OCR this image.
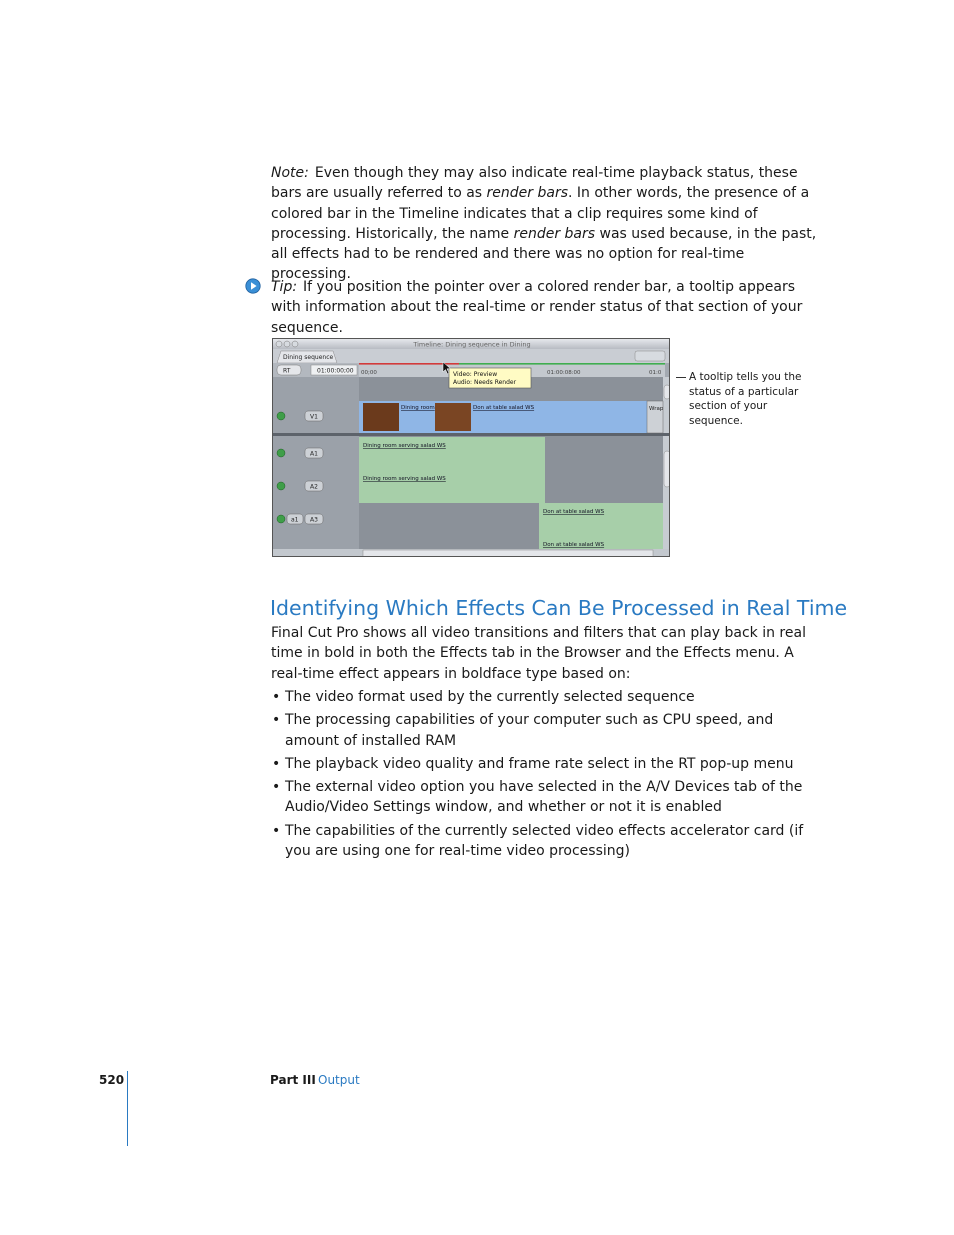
Note: Even though they may also indicate real-time playback status, these bars are usually referred to as render bars. In other words, the presence of a colored bar in the Timeline indicates that a clip requires some kind of processing. Historically, the name render bars was used because, in the past, all effects had to be rendered and there was no option for real-time processing.
Tip: If you position the pointer over a colored render bar, a tooltip appears with information about the real-time or render status of that section of your sequence.
Timeline: Dining sequence in Dining
Dining sequence
RT	01:00:00;00 00;00	01:00:08:00	01:0
Dining room	Don at table salad WS	Wrap
Dining room serving salad WS
Dining room serving salad WS
Don at table salad WS
Don at table salad WS
V1
A1
A2
a1 A3
Video: Preview
Audio: Needs Render	A tooltip tells you the status of a particular section of your sequence.
Identifying Which Effects Can Be Processed in Real Time
Final Cut Pro shows all video transitions and filters that can play back in real time in bold in both the Effects tab in the Browser and the Effects menu. A real-time effect appears in boldface type based on:
• The video format used by the currently selected sequence
• The processing capabilities of your computer such as CPU speed, and amount of installed RAM
• The playback video quality and frame rate select in the RT pop-up menu
• The external video option you have selected in the A/V Devices tab of the Audio/Video Settings window, and whether or not it is enabled
• The capabilities of the currently selected video effects accelerator card (if you are using one for real-time video processing)
520	Part III Output
